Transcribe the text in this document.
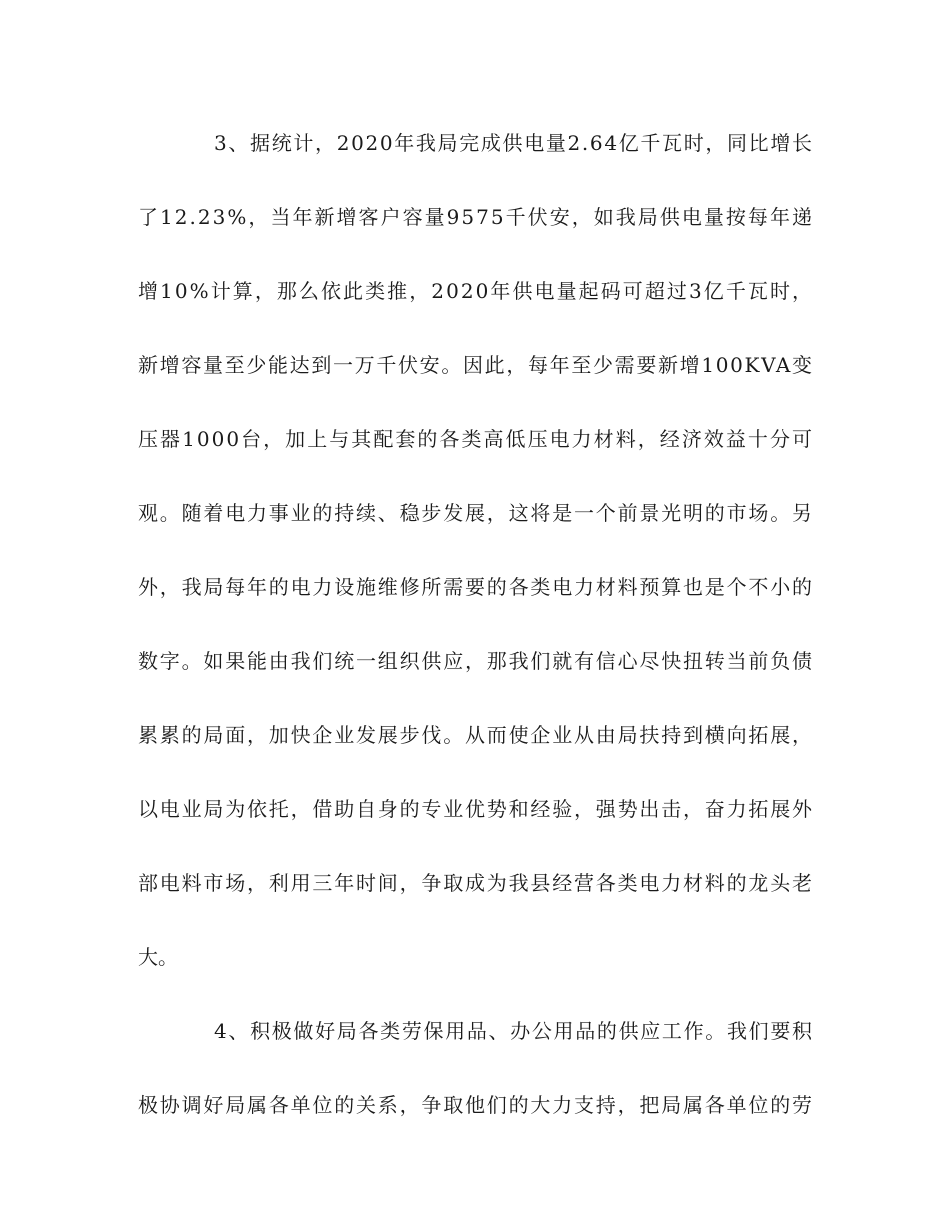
3、据统计，2020年我局完成供电量2.64亿千瓦时，同比增长
了12.23%，当年新增客户容量9575千伏安，如我局供电量按每年递
增10%计算，那么依此类推，2020年供电量起码可超过3亿千瓦时，
新增容量至少能达到一万千伏安。因此，每年至少需要新增100KVA变
压器1000台，加上与其配套的各类高低压电力材料，经济效益十分可
观。随着电力事业的持续、稳步发展，这将是一个前景光明的市场。另
外，我局每年的电力设施维修所需要的各类电力材料预算也是个不小的
数字。如果能由我们统一组织供应，那我们就有信心尽快扭转当前负债
累累的局面，加快企业发展步伐。从而使企业从由局扶持到横向拓展，
以电业局为依托，借助自身的专业优势和经验，强势出击，奋力拓展外
部电料市场，利用三年时间，争取成为我县经营各类电力材料的龙头老
大。
4、积极做好局各类劳保用品、办公用品的供应工作。我们要积
极协调好局属各单位的关系，争取他们的大力支持，把局属各单位的劳
